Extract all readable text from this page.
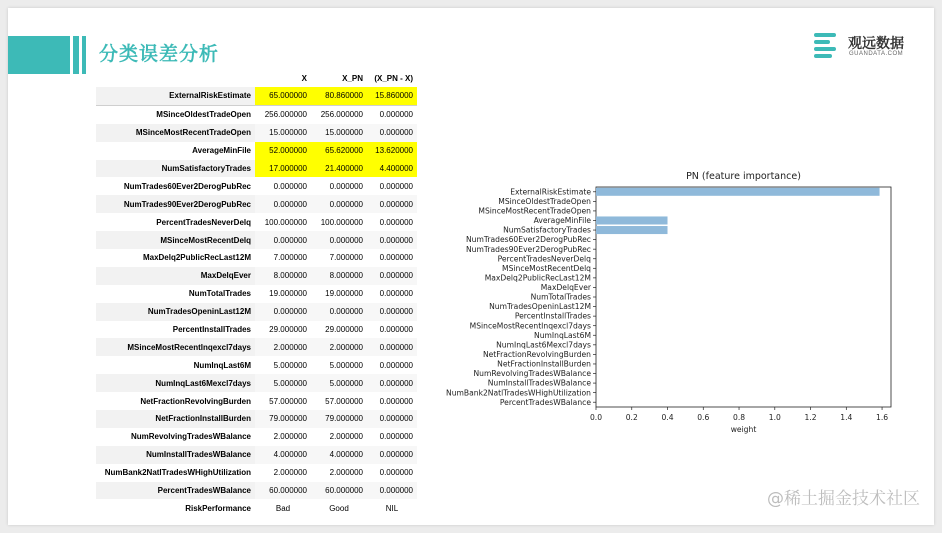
分类误差分析
观远数据
GUANDATA.COM
	X	X_PN	(X_PN - X)
ExternalRiskEstimate	65.000000	80.860000	15.860000
MSinceOldestTradeOpen	256.000000	256.000000	0.000000
MSinceMostRecentTradeOpen	15.000000	15.000000	0.000000
AverageMinFile	52.000000	65.620000	13.620000
NumSatisfactoryTrades	17.000000	21.400000	4.400000
NumTrades60Ever2DerogPubRec	0.000000	0.000000	0.000000
NumTrades90Ever2DerogPubRec	0.000000	0.000000	0.000000
PercentTradesNeverDelq	100.000000	100.000000	0.000000
MSinceMostRecentDelq	0.000000	0.000000	0.000000
MaxDelq2PublicRecLast12M	7.000000	7.000000	0.000000
MaxDelqEver	8.000000	8.000000	0.000000
NumTotalTrades	19.000000	19.000000	0.000000
NumTradesOpeninLast12M	0.000000	0.000000	0.000000
PercentInstallTrades	29.000000	29.000000	0.000000
MSinceMostRecentInqexcl7days	2.000000	2.000000	0.000000
NumInqLast6M	5.000000	5.000000	0.000000
NumInqLast6Mexcl7days	5.000000	5.000000	0.000000
NetFractionRevolvingBurden	57.000000	57.000000	0.000000
NetFractionInstallBurden	79.000000	79.000000	0.000000
NumRevolvingTradesWBalance	2.000000	2.000000	0.000000
NumInstallTradesWBalance	4.000000	4.000000	0.000000
NumBank2NatlTradesWHighUtilization	2.000000	2.000000	0.000000
PercentTradesWBalance	60.000000	60.000000	0.000000
RiskPerformance	Bad	Good	NIL
PN (feature importance)
ExternalRiskEstimate
MSinceOldestTradeOpen
MSinceMostRecentTradeOpen
AverageMinFile
NumSatisfactoryTrades
NumTrades60Ever2DerogPubRec
NumTrades90Ever2DerogPubRec
PercentTradesNeverDelq
MSinceMostRecentDelq
MaxDelq2PublicRecLast12M
MaxDelqEver
NumTotalTrades
NumTradesOpeninLast12M
PercentInstallTrades
MSinceMostRecentInqexcl7days
NumInqLast6M
NumInqLast6Mexcl7days
NetFractionRevolvingBurden
NetFractionInstallBurden
NumRevolvingTradesWBalance
NumInstallTradesWBalance
NumBank2NatlTradesWHighUtilization
PercentTradesWBalance
0.0	0.2	0.4	0.6	0.8	1.0	1.2	1.4	1.6
weight
@稀土掘金技术社区
